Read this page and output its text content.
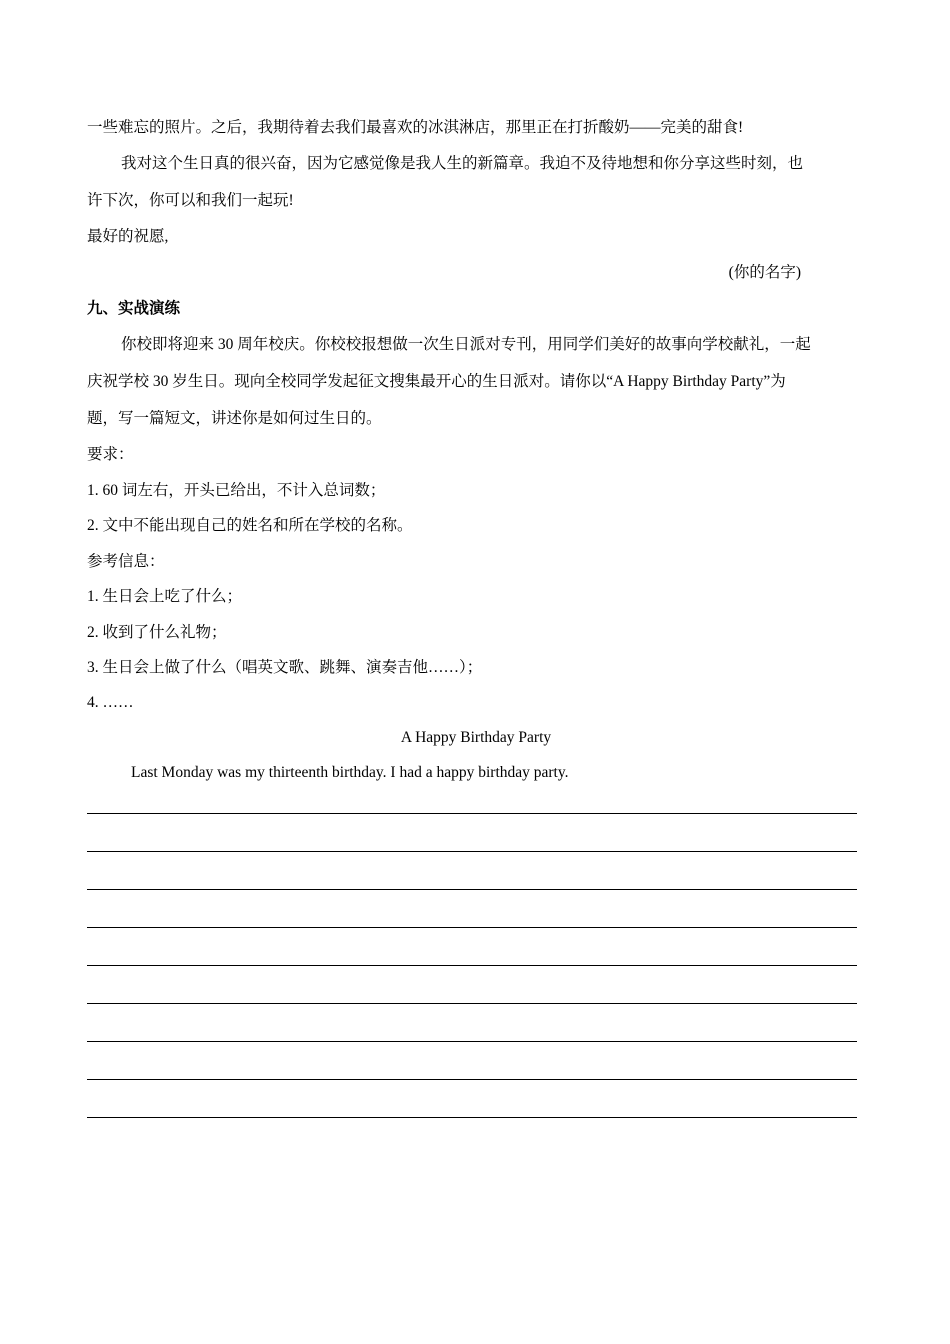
一些难忘的照片。之后，我期待着去我们最喜欢的冰淇淋店，那里正在打折酸奶——完美的甜食!
我对这个生日真的很兴奋，因为它感觉像是我人生的新篇章。我迫不及待地想和你分享这些时刻，也
许下次，你可以和我们一起玩!
最好的祝愿,
(你的名字)
九、实战演练
你校即将迎来 30 周年校庆。你校校报想做一次生日派对专刊，用同学们美好的故事向学校献礼，一起
庆祝学校 30 岁生日。现向全校同学发起征文搜集最开心的生日派对。请你以“A Happy Birthday Party”为
题，写一篇短文，讲述你是如何过生日的。
要求：
1. 60 词左右，开头已给出，不计入总词数；
2. 文中不能出现自己的姓名和所在学校的名称。
参考信息：
1. 生日会上吃了什么；
2. 收到了什么礼物；
3. 生日会上做了什么（唱英文歌、跳舞、演奏吉他……）；
4. ……
A Happy Birthday Party
Last Monday was my thirteenth birthday. I had a happy birthday party.
